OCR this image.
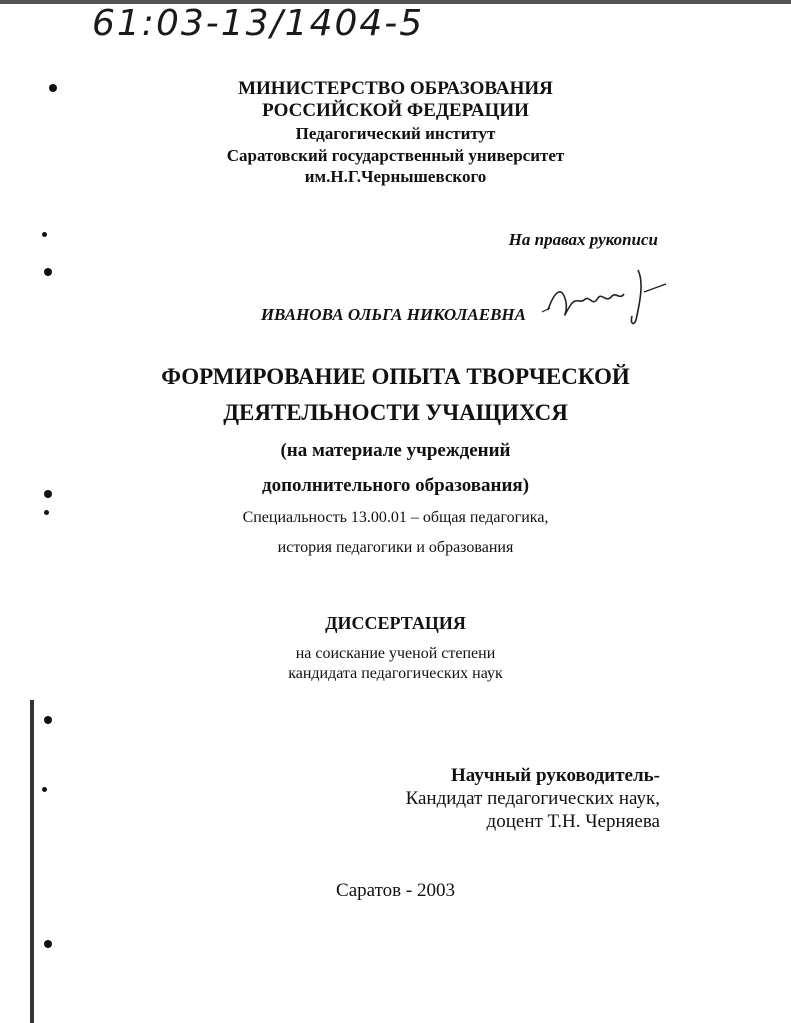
61:03-13/1404-5
МИНИСТЕРСТВО ОБРАЗОВАНИЯ
РОССИЙСКОЙ ФЕДЕРАЦИИ
Педагогический институт
Саратовский государственный университет
им.Н.Г.Чернышевского
На правах рукописи
ИВАНОВА ОЛЬГА НИКОЛАЕВНА
ФОРМИРОВАНИЕ ОПЫТА ТВОРЧЕСКОЙ
ДЕЯТЕЛЬНОСТИ УЧАЩИХСЯ
(на материале учреждений
дополнительного образования)
Специальность 13.00.01 – общая педагогика,
история педагогики и образования
ДИССЕРТАЦИЯ
на соискание ученой степени
кандидата педагогических наук
Научный руководитель-
Кандидат педагогических наук,
доцент Т.Н. Черняева
Саратов - 2003
